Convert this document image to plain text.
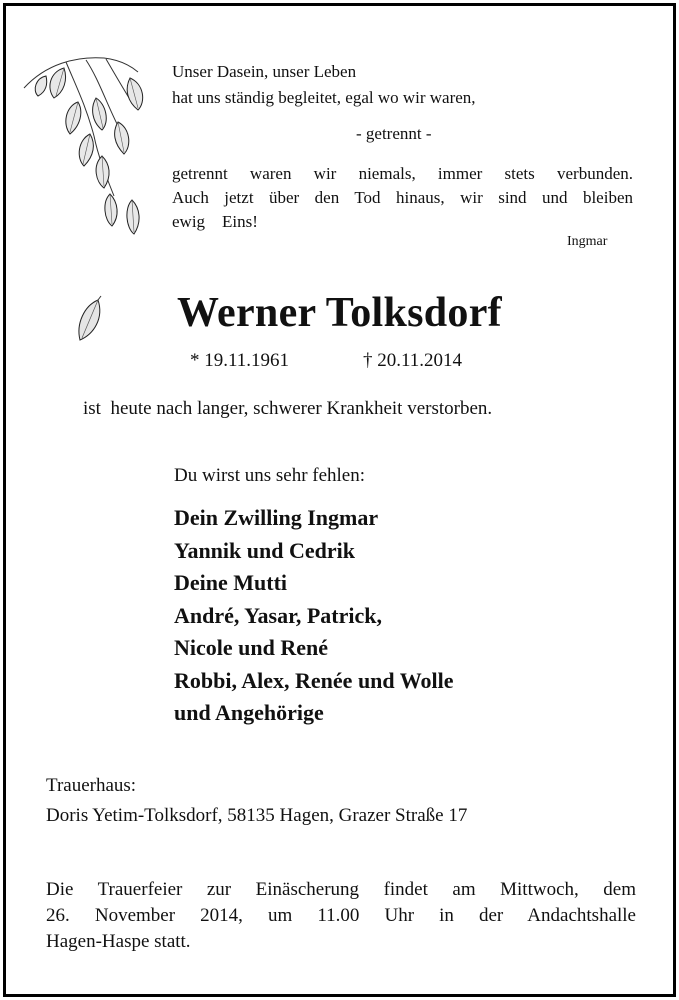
Unser Dasein, unser Leben
hat uns ständig begleitet, egal wo wir waren,
- getrennt -
getrennt waren wir niemals, immer stets verbunden.
Auch jetzt über den Tod hinaus, wir sind und bleiben
ewig    Eins!
Ingmar
Werner Tolksdorf
* 19.11.1961	† 20.11.2014
ist  heute nach langer, schwerer Krankheit verstorben.
Du wirst uns sehr fehlen:
Dein Zwilling Ingmar
Yannik und Cedrik
Deine Mutti
André, Yasar, Patrick,
Nicole und René
Robbi, Alex, Renée und Wolle
und Angehörige
Trauerhaus:
Doris Yetim-Tolksdorf, 58135 Hagen, Grazer Straße 17
Die Trauerfeier zur Einäscherung findet am Mittwoch, dem
26. November 2014, um 11.00 Uhr in der Andachtshalle
Hagen-Haspe statt.
